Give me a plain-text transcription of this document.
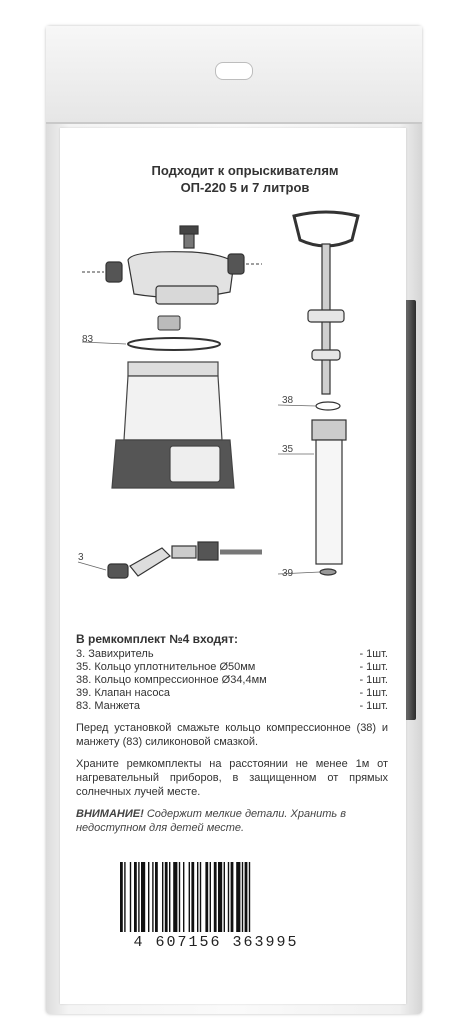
Подходит к опрыскивателям
ОП-220 5 и 7 литров
83
38
35
39
3
В ремкомплект №4 входят:
3. Завихритель	- 1шт.
35. Кольцо уплотнительное Ø50мм	- 1шт.
38. Кольцо компрессионное Ø34,4мм	- 1шт.
39. Клапан насоса	- 1шт.
83. Манжета	- 1шт.
Перед установкой смажьте кольцо компрессионное (38) и манжету (83) силиконовой смазкой.
Храните ремкомплекты на расстоянии не менее 1м от нагревательный приборов, в защищенном от прямых солнечных лучей месте.
ВНИМАНИЕ! Содержит мелкие детали. Хранить в недоступном для детей месте.
4 607156 363995
